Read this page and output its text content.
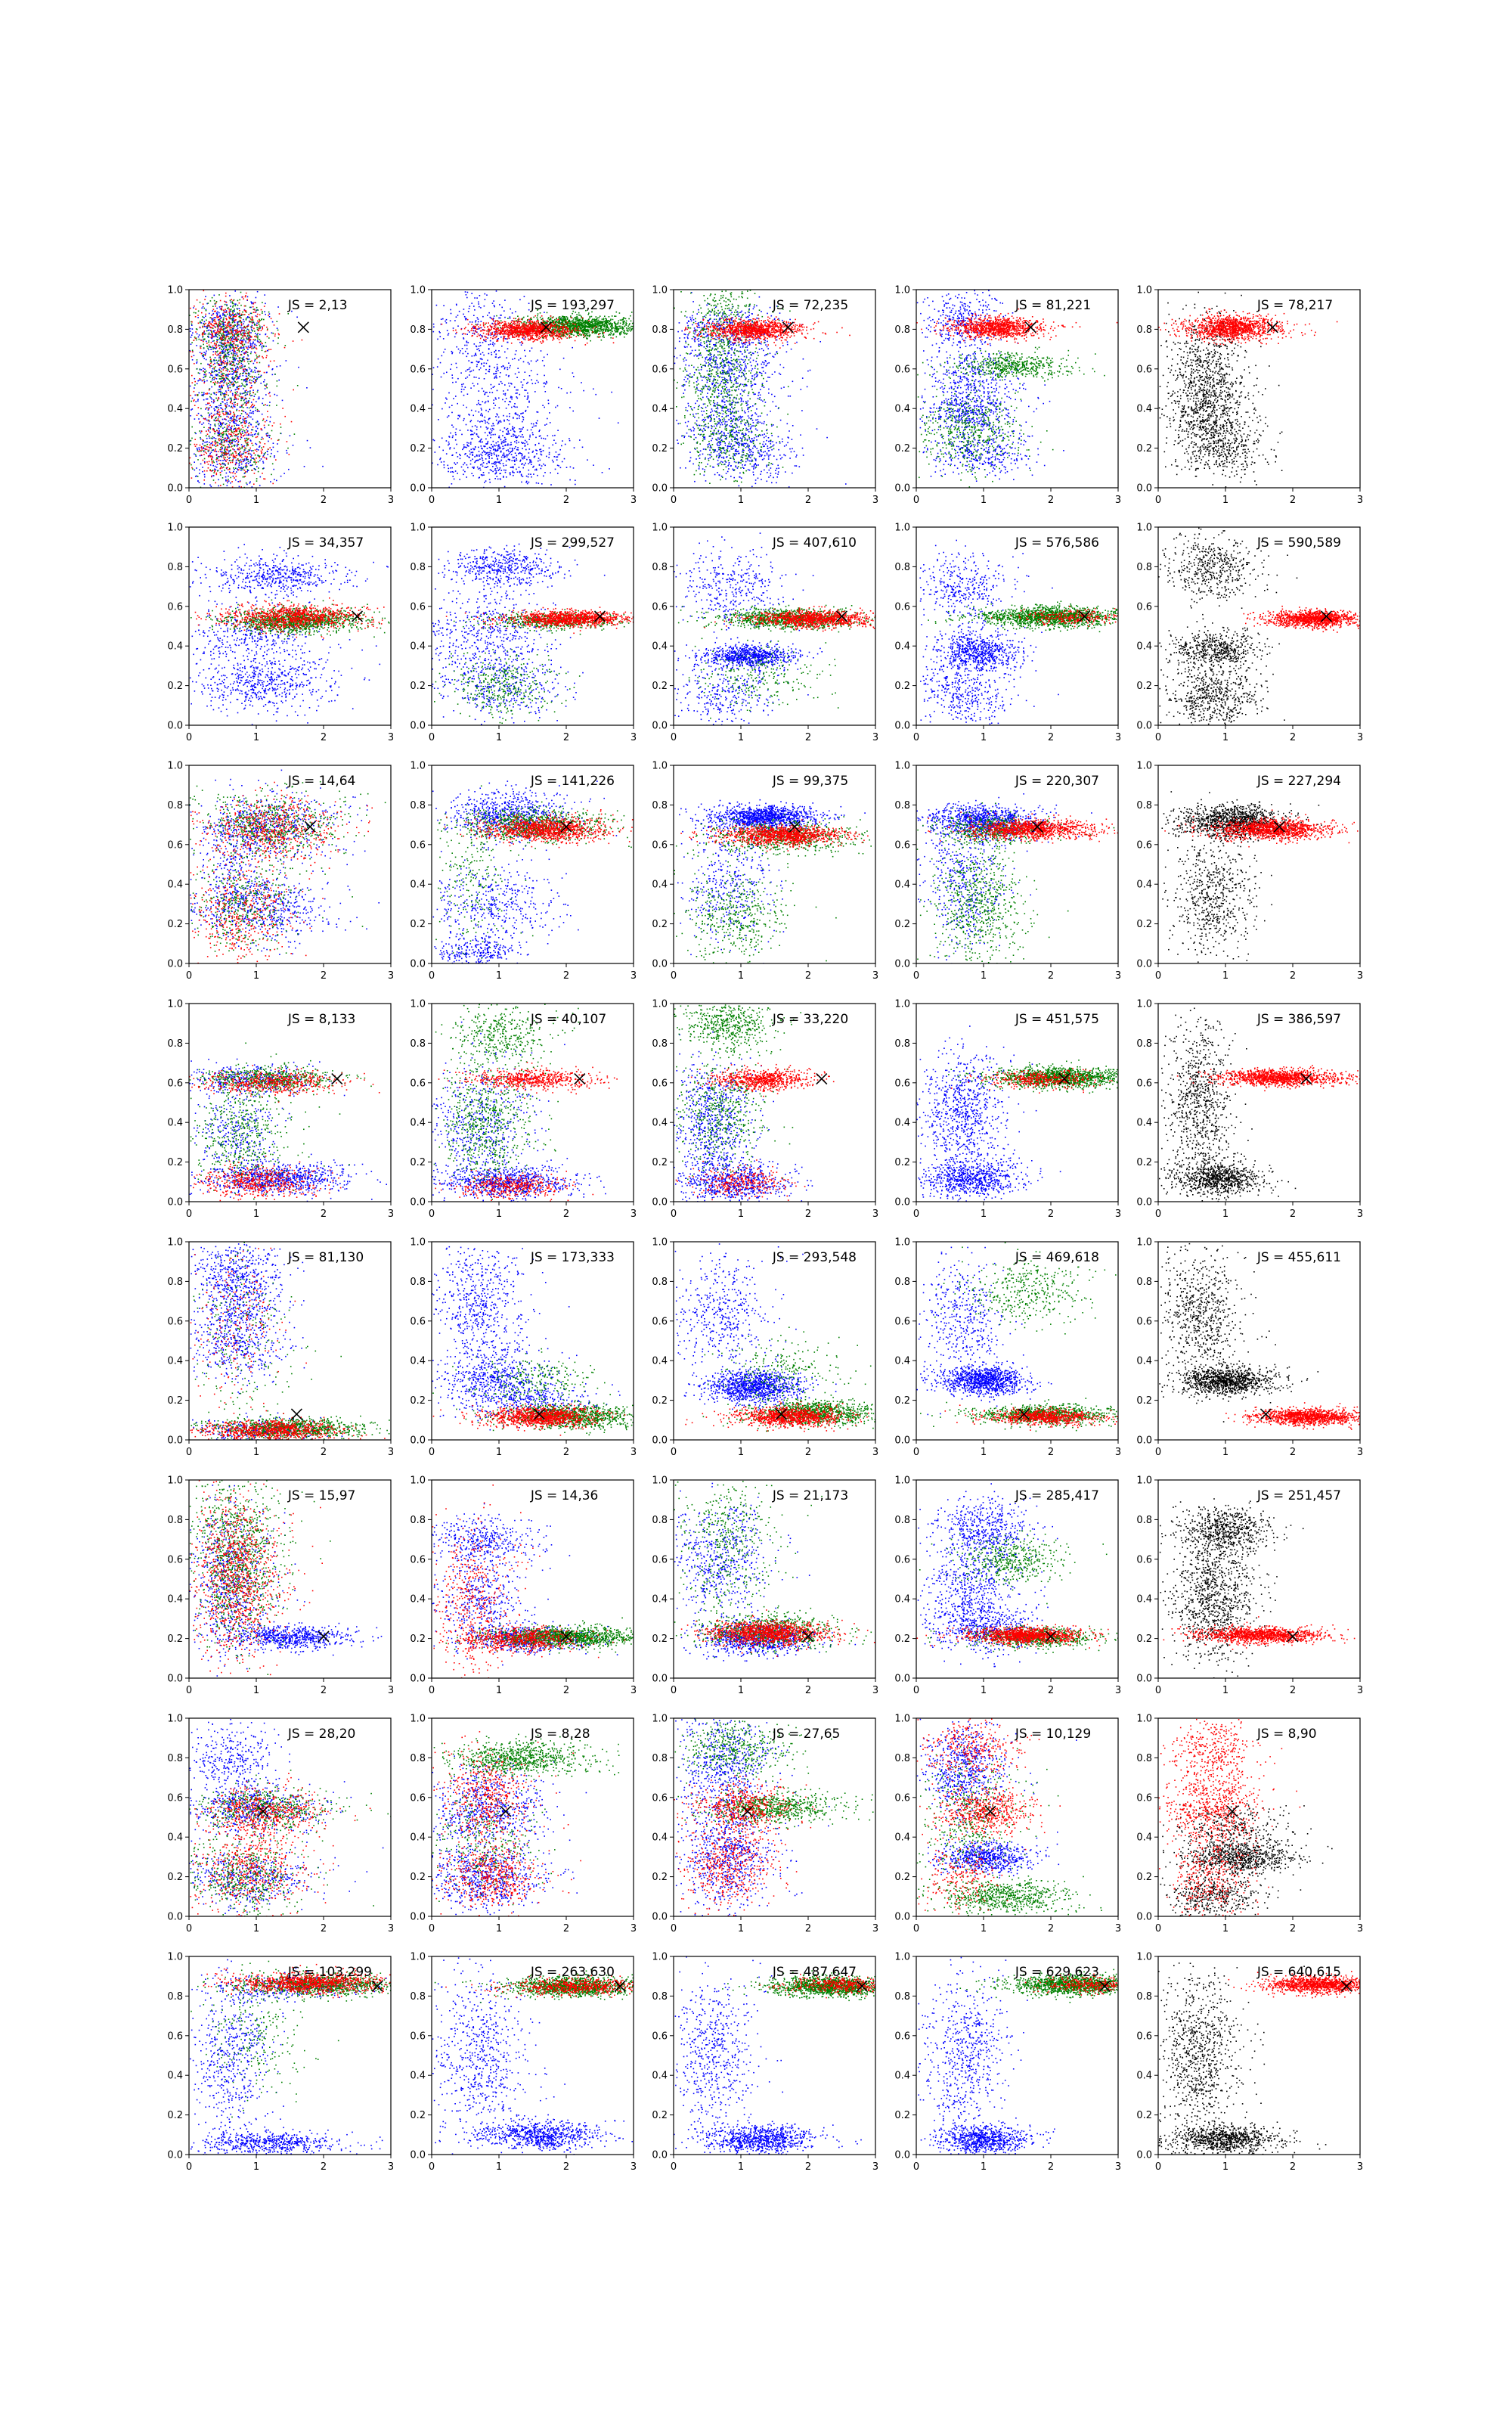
0	1	2	3
0.0
0.2
0.4
0.6
0.8
1.0
JS = 2,13
0	1	2	3
0.0
0.2
0.4
0.6
0.8
1.0
JS = 193,297
0	1	2	3
0.0
0.2
0.4
0.6
0.8
1.0
JS = 72,235
0	1	2	3
0.0
0.2
0.4
0.6
0.8
1.0
JS = 81,221
0	1	2	3
0.0
0.2
0.4
0.6
0.8
1.0
JS = 78,217
0	1	2	3
0.0
0.2
0.4
0.6
0.8
1.0
JS = 34,357
0	1	2	3
0.0
0.2
0.4
0.6
0.8
1.0
JS = 299,527
0	1	2	3
0.0
0.2
0.4
0.6
0.8
1.0
JS = 407,610
0	1	2	3
0.0
0.2
0.4
0.6
0.8
1.0
JS = 576,586
0	1	2	3
0.0
0.2
0.4
0.6
0.8
1.0
JS = 590,589
0	1	2	3
0.0
0.2
0.4
0.6
0.8
1.0
JS = 14,64
0	1	2	3
0.0
0.2
0.4
0.6
0.8
1.0
JS = 141,226
0	1	2	3
0.0
0.2
0.4
0.6
0.8
1.0
JS = 99,375
0	1	2	3
0.0
0.2
0.4
0.6
0.8
1.0
JS = 220,307
0	1	2	3
0.0
0.2
0.4
0.6
0.8
1.0
JS = 227,294
0	1	2	3
0.0
0.2
0.4
0.6
0.8
1.0
JS = 8,133
0	1	2	3
0.0
0.2
0.4
0.6
0.8
1.0
JS = 40,107
0	1	2	3
0.0
0.2
0.4
0.6
0.8
1.0
JS = 33,220
0	1	2	3
0.0
0.2
0.4
0.6
0.8
1.0
JS = 451,575
0	1	2	3
0.0
0.2
0.4
0.6
0.8
1.0
JS = 386,597
0	1	2	3
0.0
0.2
0.4
0.6
0.8
1.0
JS = 81,130
0	1	2	3
0.0
0.2
0.4
0.6
0.8
1.0
JS = 173,333
0	1	2	3
0.0
0.2
0.4
0.6
0.8
1.0
JS = 293,548
0	1	2	3
0.0
0.2
0.4
0.6
0.8
1.0
JS = 469,618
0	1	2	3
0.0
0.2
0.4
0.6
0.8
1.0
JS = 455,611
0	1	2	3
0.0
0.2
0.4
0.6
0.8
1.0
JS = 15,97
0	1	2	3
0.0
0.2
0.4
0.6
0.8
1.0
JS = 14,36
0	1	2	3
0.0
0.2
0.4
0.6
0.8
1.0
JS = 21,173
0	1	2	3
0.0
0.2
0.4
0.6
0.8
1.0
JS = 285,417
0	1	2	3
0.0
0.2
0.4
0.6
0.8
1.0
JS = 251,457
0	1	2	3
0.0
0.2
0.4
0.6
0.8
1.0
JS = 28,20
0	1	2	3
0.0
0.2
0.4
0.6
0.8
1.0
JS = 8,28
0	1	2	3
0.0
0.2
0.4
0.6
0.8
1.0
JS = 27,65
0	1	2	3
0.0
0.2
0.4
0.6
0.8
1.0
JS = 10,129
0	1	2	3
0.0
0.2
0.4
0.6
0.8
1.0
JS = 8,90
0	1	2	3
0.0
0.2
0.4
0.6
0.8
1.0
JS = 103,299
0	1	2	3
0.0
0.2
0.4
0.6
0.8
1.0
JS = 263,630
0	1	2	3
0.0
0.2
0.4
0.6
0.8
1.0
JS = 487,647
0	1	2	3
0.0
0.2
0.4
0.6
0.8
1.0
JS = 629,623
0	1	2	3
0.0
0.2
0.4
0.6
0.8
1.0
JS = 640,615
